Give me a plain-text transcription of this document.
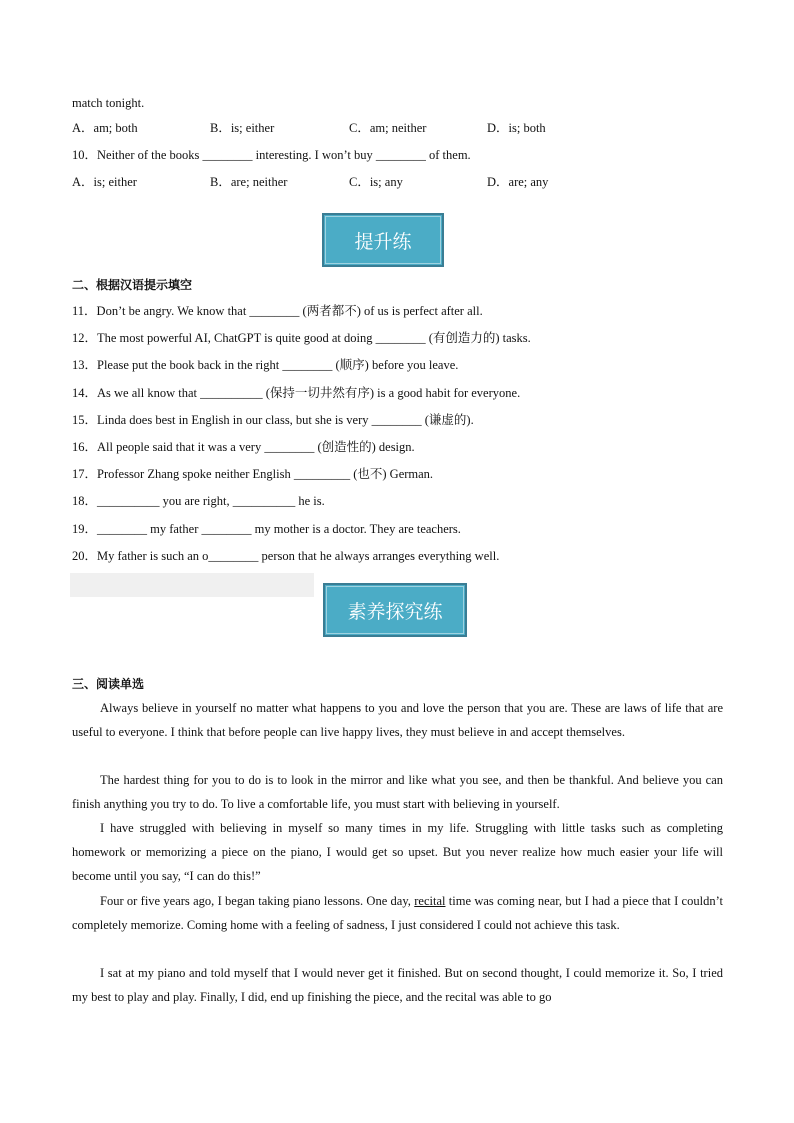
match tonight.
A．am; both	B．is; either	C．am; neither	D．is; both
10．Neither of the books ________ interesting. I won’t buy ________ of them.
A．is; either	B．are; neither	C．is; any	D．are; any
提升练
二、根据汉语提示填空
11．Don’t be angry. We know that ________ (两者都不) of us is perfect after all.
12．The most powerful AI, ChatGPT is quite good at doing ________ (有创造力的) tasks.
13．Please put the book back in the right ________ (顺序) before you leave.
14．As we all know that __________ (保持一切井然有序) is a good habit for everyone.
15．Linda does best in English in our class, but she is very ________ (谦虚的).
16．All people said that it was a very ________ (创造性的) design.
17．Professor Zhang spoke neither English _________ (也不) German.
18．__________ you are right, __________ he is.
19．________ my father ________ my mother is a doctor. They are teachers.
20．My father is such an o________ person that he always arranges everything well.
素养探究练
三、阅读单选
Always believe in yourself no matter what happens to you and love the person that you are. These are laws of life that are useful to everyone. I think that before people can live happy lives, they must believe in and accept themselves.
The hardest thing for you to do is to look in the mirror and like what you see, and then be thankful. And believe you can finish anything you try to do. To live a comfortable life, you must start with believing in yourself.
I have struggled with believing in myself so many times in my life. Struggling with little tasks such as completing homework or memorizing a piece on the piano, I would get so upset. But you never realize how much easier your life will become until you say, “I can do this!”
Four or five years ago, I began taking piano lessons. One day, recital time was coming near, but I had a piece that I couldn’t completely memorize. Coming home with a feeling of sadness, I just considered I could not achieve this task.
I sat at my piano and told myself that I would never get it finished. But on second thought, I could memorize it. So, I tried my best to play and play. Finally, I did, end up finishing the piece, and the recital was able to go
